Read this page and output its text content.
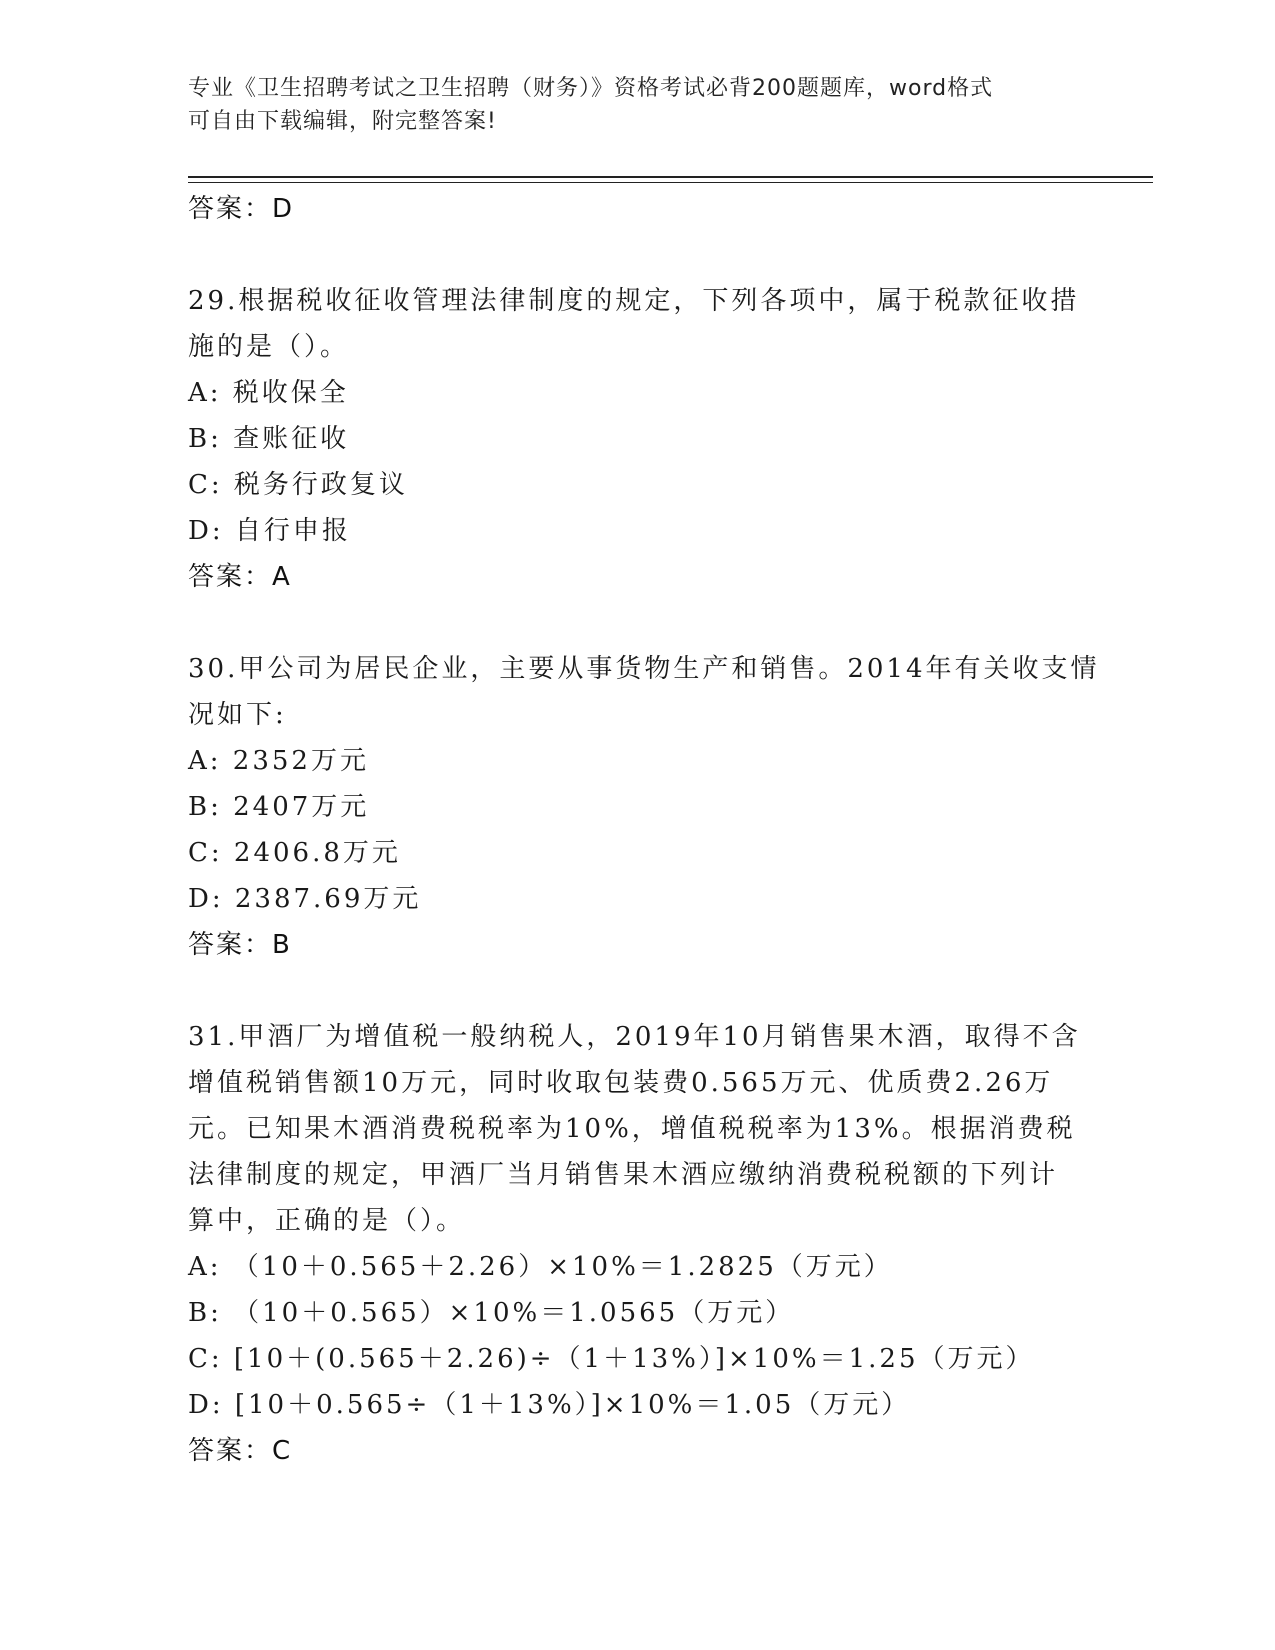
专业《卫生招聘考试之卫生招聘（财务）》资格考试必背200题题库，word格式
可自由下载编辑，附完整答案!
答案：D
29.根据税收征收管理法律制度的规定，下列各项中，属于税款征收措
施的是（）。
A: 税收保全
B: 查账征收
C: 税务行政复议
D: 自行申报
答案：A
30.甲公司为居民企业，主要从事货物生产和销售。2014年有关收支情
况如下:
A: 2352万元
B: 2407万元
C: 2406.8万元
D: 2387.69万元
答案：B
31.甲酒厂为增值税一般纳税人，2019年10月销售果木酒，取得不含
增值税销售额10万元，同时收取包装费0.565万元、优质费2.26万
元。已知果木酒消费税税率为10%，增值税税率为13%。根据消费税
法律制度的规定，甲酒厂当月销售果木酒应缴纳消费税税额的下列计
算中，正确的是（）。
A: （10＋0.565＋2.26）×10%＝1.2825（万元）
B: （10＋0.565）×10%＝1.0565（万元）
C: [10＋(0.565＋2.26)÷（1＋13%）]×10%＝1.25（万元）
D: [10＋0.565÷（1＋13%）]×10%＝1.05（万元）
答案：C
